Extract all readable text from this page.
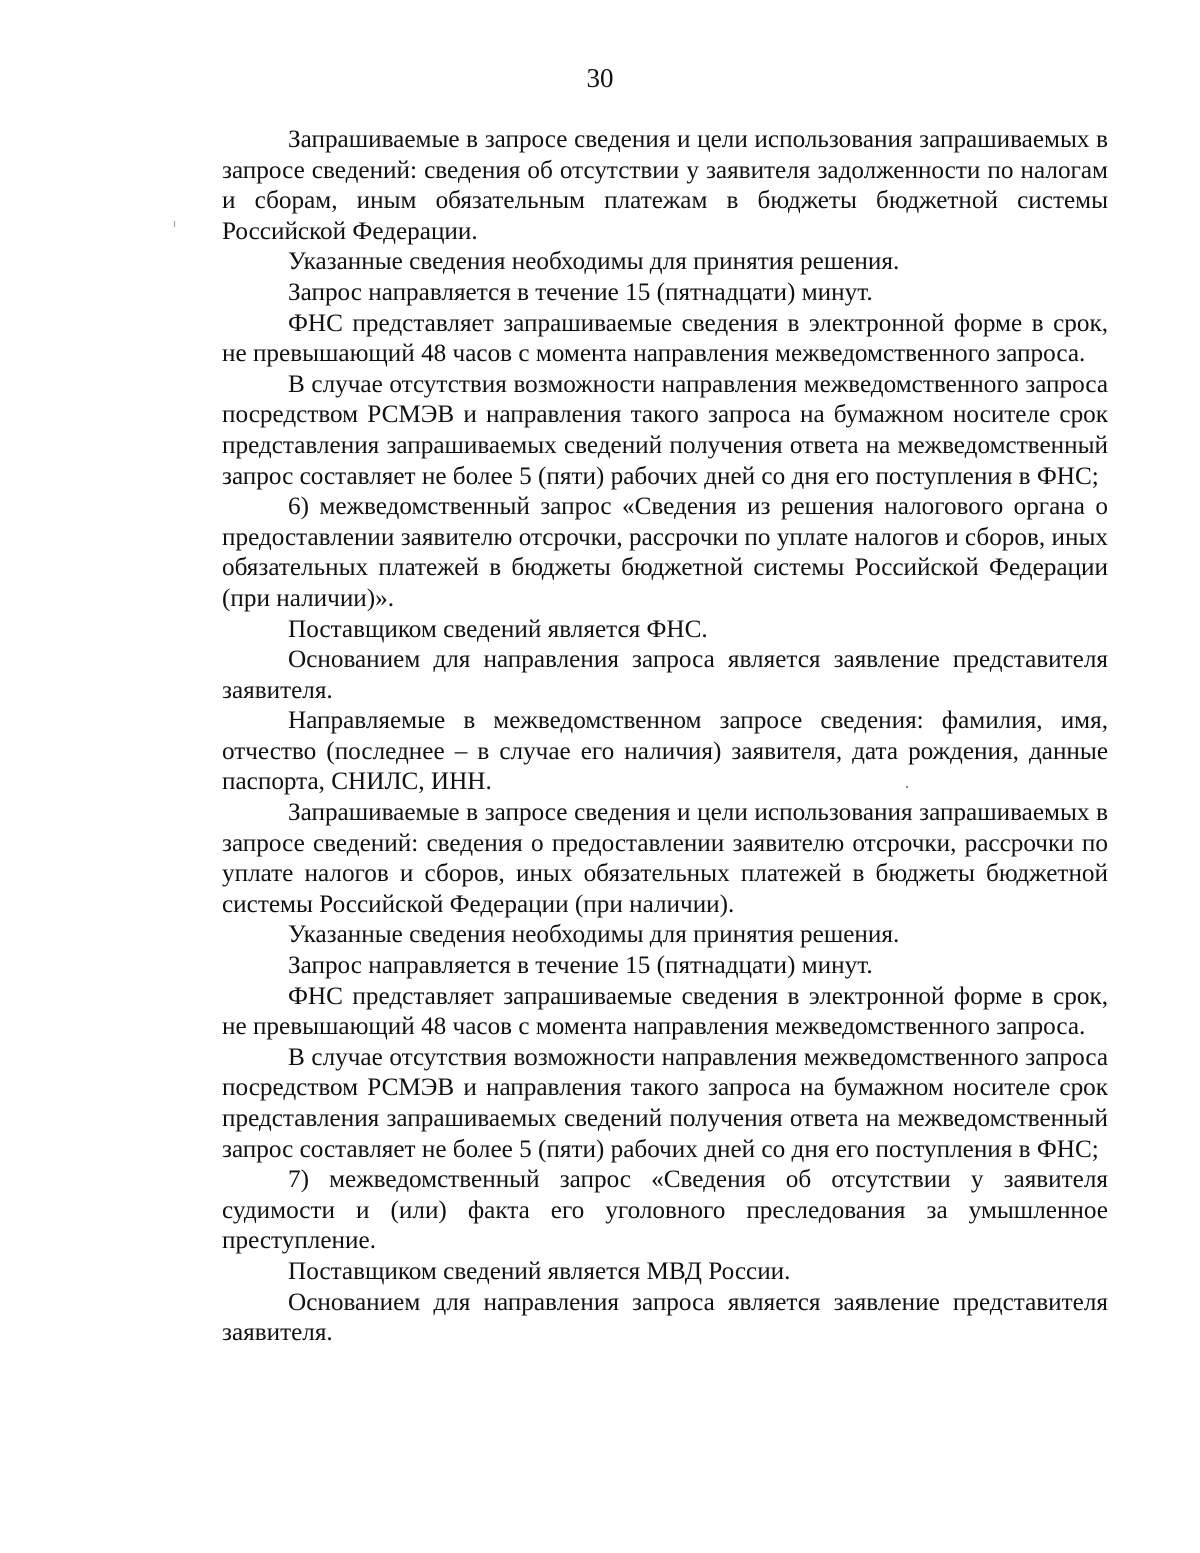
30

Запрашиваемые в запросе сведения и цели использования запрашиваемых в запросе сведений: сведения об отсутствии у заявителя задолженности по налогам и сборам, иным обязательным платежам в бюджеты бюджетной системы Российской Федерации.

Указанные сведения необходимы для принятия решения.

Запрос направляется в течение 15 (пятнадцати) минут.

ФНС представляет запрашиваемые сведения в электронной форме в срок, не превышающий 48 часов с момента направления межведомственного запроса.

В случае отсутствия возможности направления межведомственного запроса посредством РСМЭВ и направления такого запроса на бумажном носителе срок представления запрашиваемых сведений получения ответа на межведомственный запрос составляет не более 5 (пяти) рабочих дней со дня его поступления в ФНС;

6) межведомственный запрос «Сведения из решения налогового органа о предоставлении заявителю отсрочки, рассрочки по уплате налогов и сборов, иных обязательных платежей в бюджеты бюджетной системы Российской Федерации (при наличии)».

Поставщиком сведений является ФНС.

Основанием для направления запроса является заявление представителя заявителя.

Направляемые в межведомственном запросе сведения: фамилия, имя, отчество (последнее – в случае его наличия) заявителя, дата рождения, данные паспорта, СНИЛС, ИНН.

Запрашиваемые в запросе сведения и цели использования запрашиваемых в запросе сведений: сведения о предоставлении заявителю отсрочки, рассрочки по уплате налогов и сборов, иных обязательных платежей в бюджеты бюджетной системы Российской Федерации (при наличии).

Указанные сведения необходимы для принятия решения.

Запрос направляется в течение 15 (пятнадцати) минут.

ФНС представляет запрашиваемые сведения в электронной форме в срок, не превышающий 48 часов с момента направления межведомственного запроса.

В случае отсутствия возможности направления межведомственного запроса посредством РСМЭВ и направления такого запроса на бумажном носителе срок представления запрашиваемых сведений получения ответа на межведомственный запрос составляет не более 5 (пяти) рабочих дней со дня его поступления в ФНС;

7) межведомственный запрос «Сведения об отсутствии у заявителя судимости и (или) факта его уголовного преследования за умышленное преступление.

Поставщиком сведений является МВД России.

Основанием для направления запроса является заявление представителя заявителя.
